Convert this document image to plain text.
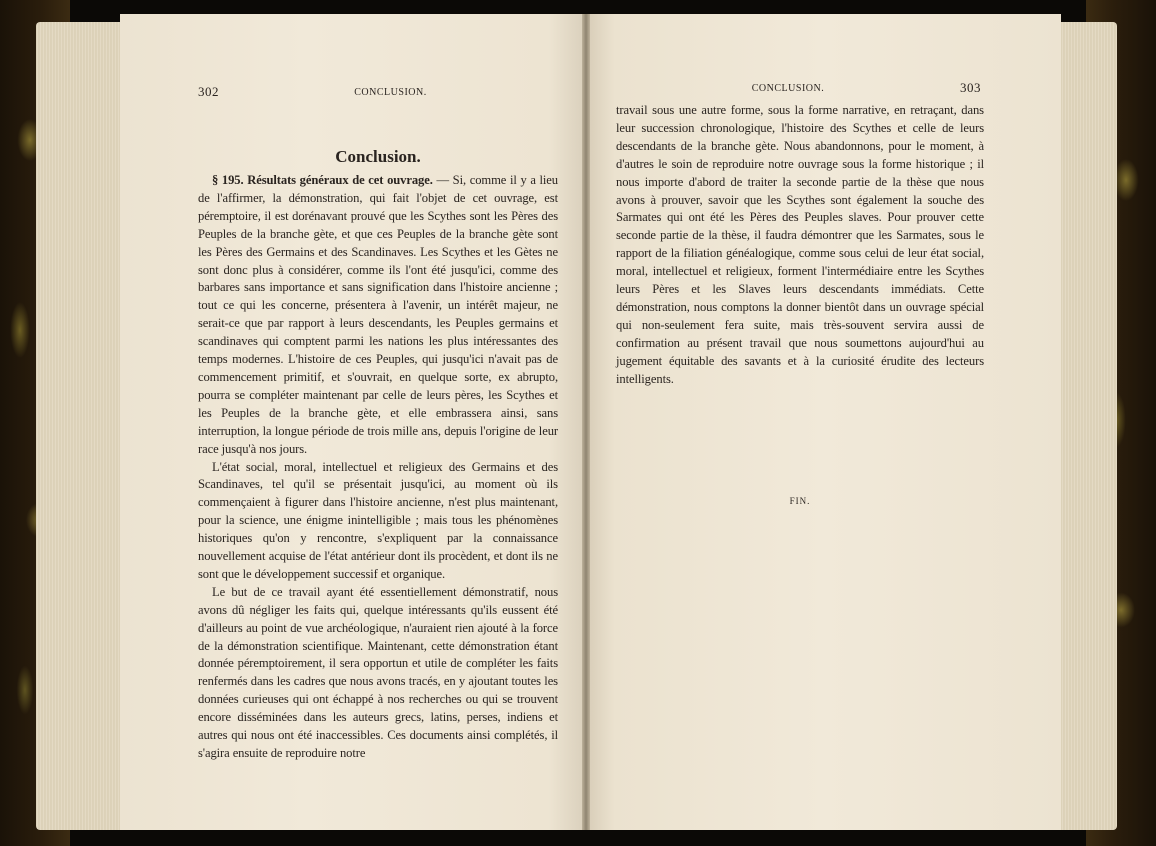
302	CONCLUSION.
Conclusion.

§ 195. Résultats généraux de cet ouvrage. — Si, comme il y a lieu de l'affirmer, la démonstration, qui fait l'objet de cet ouvrage, est péremptoire, il est dorénavant prouvé que les Scythes sont les Pères des Peuples de la branche gète, et que ces Peuples de la branche gète sont les Pères des Germains et des Scandinaves. Les Scythes et les Gètes ne sont donc plus à considérer, comme ils l'ont été jusqu'ici, comme des barbares sans importance et sans signification dans l'histoire ancienne ; tout ce qui les concerne, présentera à l'avenir, un intérêt majeur, ne serait-ce que par rapport à leurs descendants, les Peuples germains et scandinaves qui comptent parmi les nations les plus intéressantes des temps modernes. L'histoire de ces Peuples, qui jusqu'ici n'avait pas de commencement primitif, et s'ouvrait, en quelque sorte, ex abrupto, pourra se compléter maintenant par celle de leurs pères, les Scythes et les Peuples de la branche gète, et elle embrassera ainsi, sans interruption, la longue période de trois mille ans, depuis l'origine de leur race jusqu'à nos jours.

L'état social, moral, intellectuel et religieux des Germains et des Scandinaves, tel qu'il se présentait jusqu'ici, au moment où ils commençaient à figurer dans l'histoire ancienne, n'est plus maintenant, pour la science, une énigme inintelligible ; mais tous les phénomènes historiques qu'on y rencontre, s'expliquent par la connaissance nouvellement acquise de l'état antérieur dont ils procèdent, et dont ils ne sont que le développement successif et organique.

Le but de ce travail ayant été essentiellement démonstratif, nous avons dû négliger les faits qui, quelque intéressants qu'ils eussent été d'ailleurs au point de vue archéologique, n'auraient rien ajouté à la force de la démonstration scientifique. Maintenant, cette démonstration étant donnée péremptoirement, il sera opportun et utile de compléter les faits renfermés dans les cadres que nous avons tracés, en y ajoutant toutes les données curieuses qui ont échappé à nos recherches ou qui se trouvent encore disséminées dans les auteurs grecs, latins, perses, indiens et autres qui nous ont été inaccessibles. Ces documents ainsi complétés, il s'agira ensuite de reproduire notre

CONCLUSION.	303

travail sous une autre forme, sous la forme narrative, en retraçant, dans leur succession chronologique, l'histoire des Scythes et celle de leurs descendants de la branche gète. Nous abandonnons, pour le moment, à d'autres le soin de reproduire notre ouvrage sous la forme historique ; il nous importe d'abord de traiter la seconde partie de la thèse que nous avons à prouver, savoir que les Scythes sont également la souche des Sarmates qui ont été les Pères des Peuples slaves. Pour prouver cette seconde partie de la thèse, il faudra démontrer que les Sarmates, sous le rapport de la filiation généalogique, comme sous celui de leur état social, moral, intellectuel et religieux, forment l'intermédiaire entre les Scythes leurs Pères et les Slaves leurs descendants immédiats. Cette démonstration, nous comptons la donner bientôt dans un ouvrage spécial qui non-seulement fera suite, mais très-souvent servira aussi de confirmation au présent travail que nous soumettons aujourd'hui au jugement équitable des savants et à la curiosité érudite des lecteurs intelligents.

FIN.
